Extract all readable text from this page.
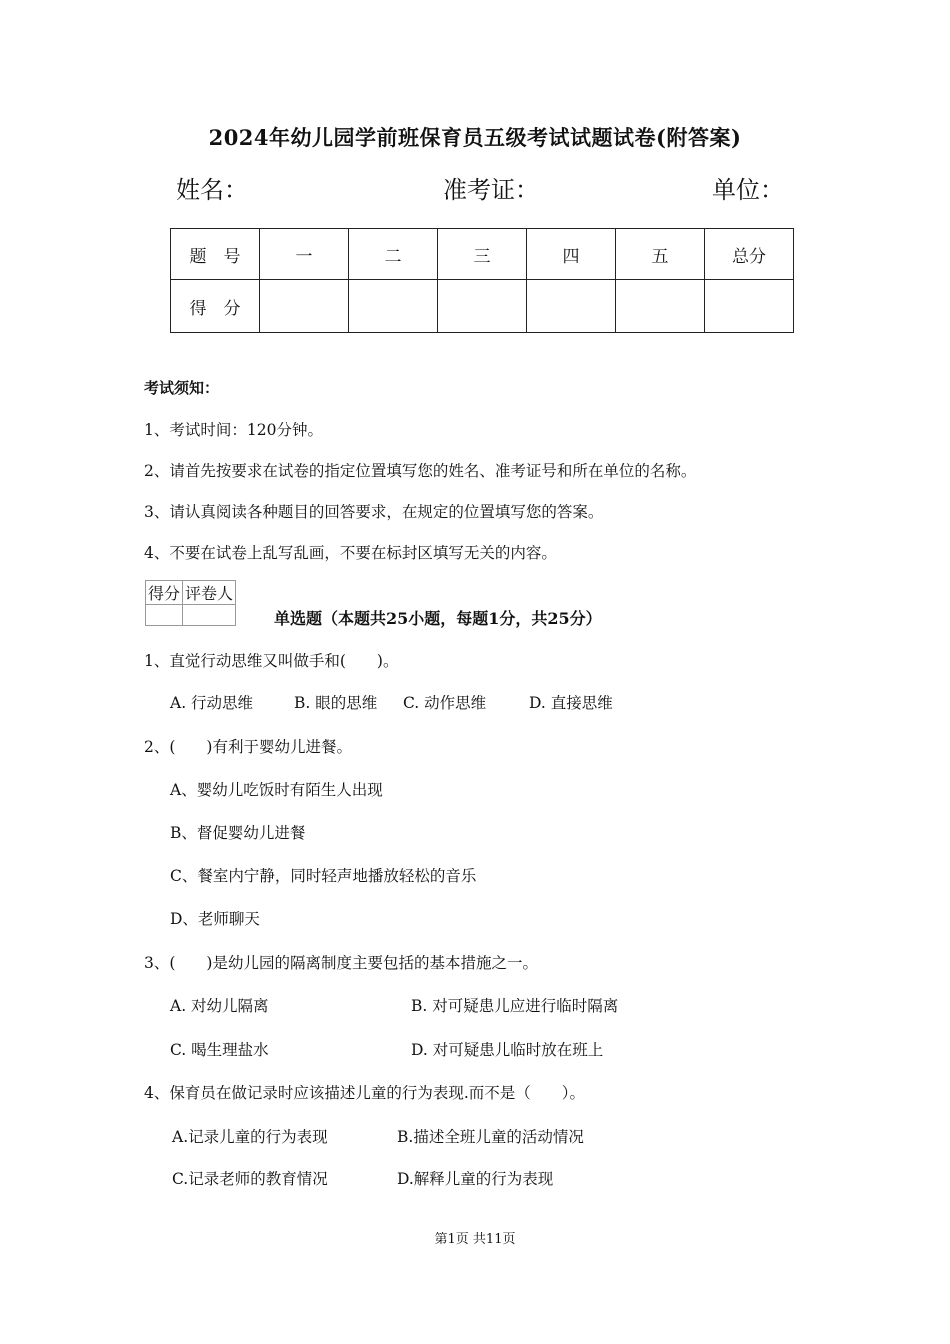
2024年幼儿园学前班保育员五级考试试题试卷(附答案)
姓名：	准考证：	单位：
题　号	一	二	三	四	五	总分
得　分						
考试须知：
1、考试时间：120分钟。
2、请首先按要求在试卷的指定位置填写您的姓名、准考证号和所在单位的名称。
3、请认真阅读各种题目的回答要求，在规定的位置填写您的答案。
4、不要在试卷上乱写乱画，不要在标封区填写无关的内容。
得分	评卷人

单选题（本题共25小题，每题1分，共25分）
1、直觉行动思维又叫做手和(　　)。
A. 行动思维	B. 眼的思维 C. 动作思维	D. 直接思维
2、(　　)有利于婴幼儿进餐。
A、婴幼儿吃饭时有陌生人出现
B、督促婴幼儿进餐
C、餐室内宁静，同时轻声地播放轻松的音乐
D、老师聊天
3、(　　)是幼儿园的隔离制度主要包括的基本措施之一。
A. 对幼儿隔离	B. 对可疑患儿应进行临时隔离
C. 喝生理盐水	D. 对可疑患儿临时放在班上
4、保育员在做记录时应该描述儿童的行为表现.而不是（　　）。
A.记录儿童的行为表现	B.描述全班儿童的活动情况
C.记录老师的教育情况	D.解释儿童的行为表现
第1页 共11页
